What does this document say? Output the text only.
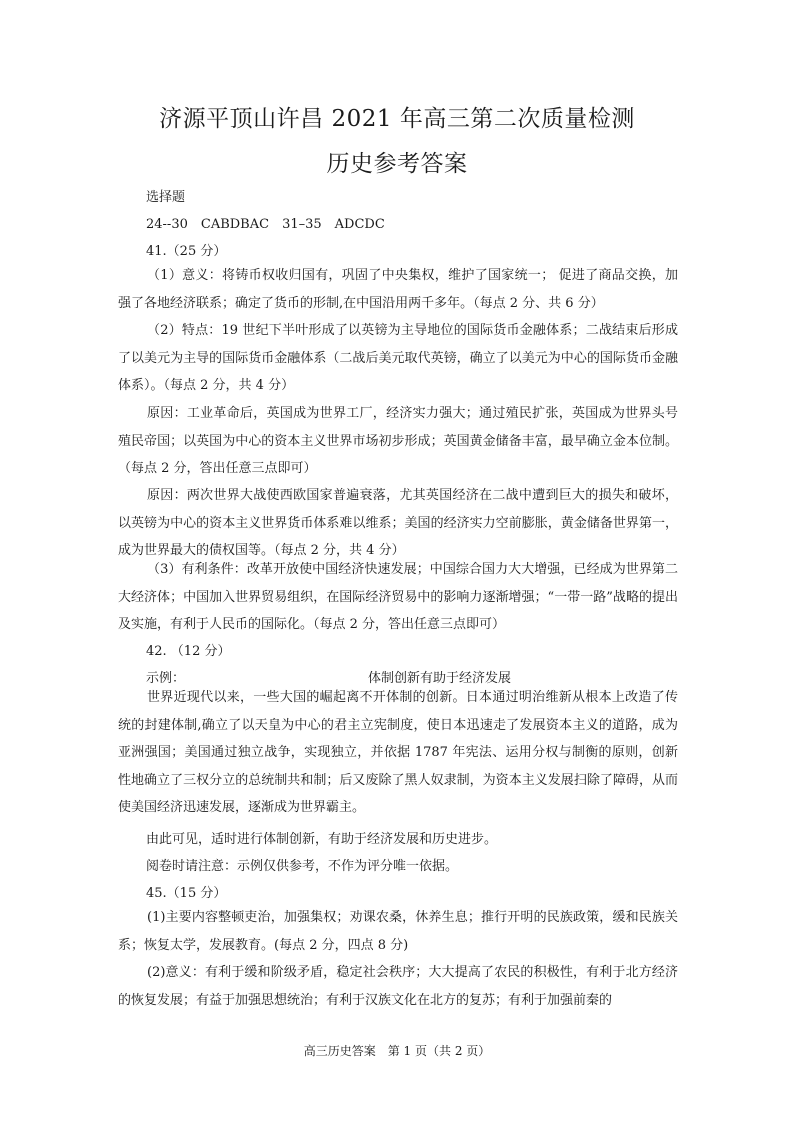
济源平顶山许昌 2021 年高三第二次质量检测
历史参考答案
选择题
24--30　CABDBAC　31–35　ADCDC
41.（25 分）
（1）意义：将铸币权收归国有，巩固了中央集权，维护了国家统一； 促进了商品交换，加强了各地经济联系；确定了货币的形制,在中国沿用两千多年。（每点 2 分、共 6 分）
（2）特点：19 世纪下半叶形成了以英镑为主导地位的国际货币金融体系；二战结束后形成了以美元为主导的国际货币金融体系（二战后美元取代英镑，确立了以美元为中心的国际货币金融体系）。（每点 2 分，共 4 分）
原因：工业革命后，英国成为世界工厂，经济实力强大；通过殖民扩张，英国成为世界头号殖民帝国；以英国为中心的资本主义世界市场初步形成；英国黄金储备丰富，最早确立金本位制。（每点 2 分，答出任意三点即可）
原因：两次世界大战使西欧国家普遍衰落，尤其英国经济在二战中遭到巨大的损失和破坏，以英镑为中心的资本主义世界货币体系难以维系；美国的经济实力空前膨胀，黄金储备世界第一，成为世界最大的债权国等。（每点 2 分，共 4 分）
（3）有利条件：改革开放使中国经济快速发展；中国综合国力大大增强，已经成为世界第二大经济体；中国加入世界贸易组织，在国际经济贸易中的影响力逐渐增强；“一带一路”战略的提出及实施，有利于人民币的国际化。（每点 2 分，答出任意三点即可）
42. （12 分）
示例：	体制创新有助于经济发展
世界近现代以来，一些大国的崛起离不开体制的创新。日本通过明治维新从根本上改造了传统的封建体制,确立了以天皇为中心的君主立宪制度，使日本迅速走了发展资本主义的道路，成为亚洲强国；美国通过独立战争，实现独立，并依据 1787 年宪法、运用分权与制衡的原则，创新性地确立了三权分立的总统制共和制；后又废除了黑人奴隶制，为资本主义发展扫除了障碍，从而使美国经济迅速发展，逐渐成为世界霸主。
由此可见，适时进行体制创新，有助于经济发展和历史进步。
阅卷时请注意：示例仅供参考，不作为评分唯一依据。
45.（15 分）
(1)主要内容整顿吏治，加强集权；劝课农桑，休养生息；推行开明的民族政策，缓和民族关系；恢复太学，发展教育。(每点 2 分，四点 8 分)
(2)意义：有利于缓和阶级矛盾，稳定社会秩序；大大提高了农民的积极性，有利于北方经济的恢复发展；有益于加强思想统治；有利于汉族文化在北方的复苏；有利于加强前秦的
高三历史答案　第 1 页（共 2 页）
